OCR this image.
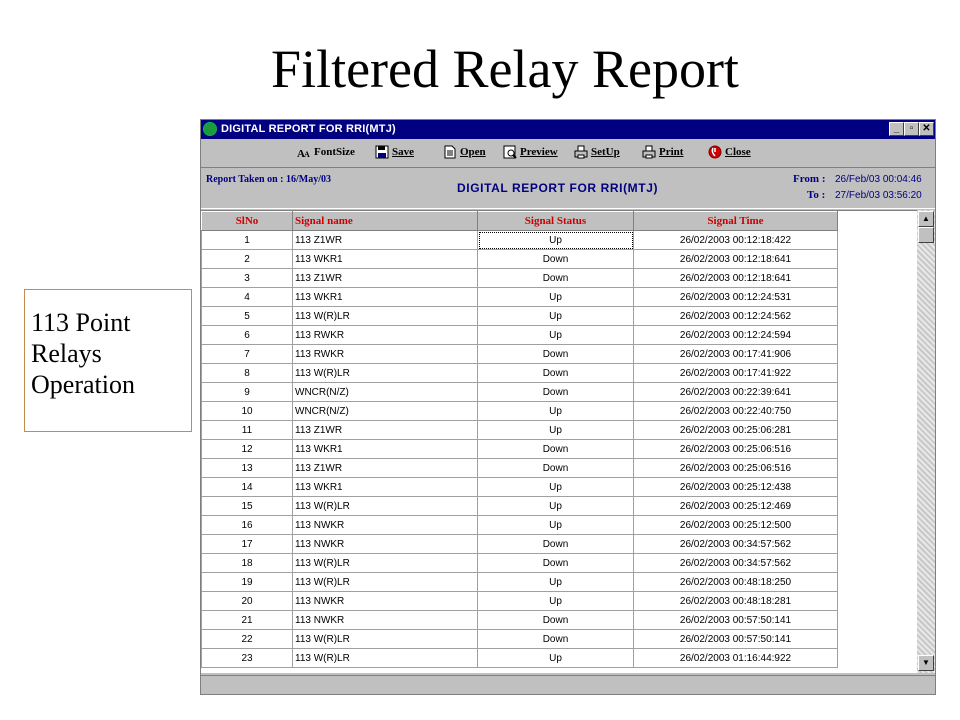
Filtered Relay Report
113 Point
Relays
Operation
DIGITAL REPORT FOR RRI(MTJ)	_	▫ ✕
A A FontSize	Save	Open	Preview	SetUp	Print	Close
Report Taken on : 16/May/03
DIGITAL REPORT FOR RRI(MTJ)
From : 26/Feb/03 00:04:46
To : 27/Feb/03 03:56:20
SlNo	Signal name	Signal Status	Signal Time
1	113 Z1WR	Up	26/02/2003 00:12:18:422
2	113 WKR1	Down	26/02/2003 00:12:18:641
3	113 Z1WR	Down	26/02/2003 00:12:18:641
4	113 WKR1	Up	26/02/2003 00:12:24:531
5	113 W(R)LR	Up	26/02/2003 00:12:24:562
6	113 RWKR	Up	26/02/2003 00:12:24:594
7	113 RWKR	Down	26/02/2003 00:17:41:906
8	113 W(R)LR	Down	26/02/2003 00:17:41:922
9	WNCR(N/Z)	Down	26/02/2003 00:22:39:641
10	WNCR(N/Z)	Up	26/02/2003 00:22:40:750
11	113 Z1WR	Up	26/02/2003 00:25:06:281
12	113 WKR1	Down	26/02/2003 00:25:06:516
13	113 Z1WR	Down	26/02/2003 00:25:06:516
14	113 WKR1	Up	26/02/2003 00:25:12:438
15	113 W(R)LR	Up	26/02/2003 00:25:12:469
16	113 NWKR	Up	26/02/2003 00:25:12:500
17	113 NWKR	Down	26/02/2003 00:34:57:562
18	113 W(R)LR	Down	26/02/2003 00:34:57:562
19	113 W(R)LR	Up	26/02/2003 00:48:18:250
20	113 NWKR	Up	26/02/2003 00:48:18:281
21	113 NWKR	Down	26/02/2003 00:57:50:141
22	113 W(R)LR	Down	26/02/2003 00:57:50:141
23	113 W(R)LR	Up	26/02/2003 01:16:44:922
▲
▼
